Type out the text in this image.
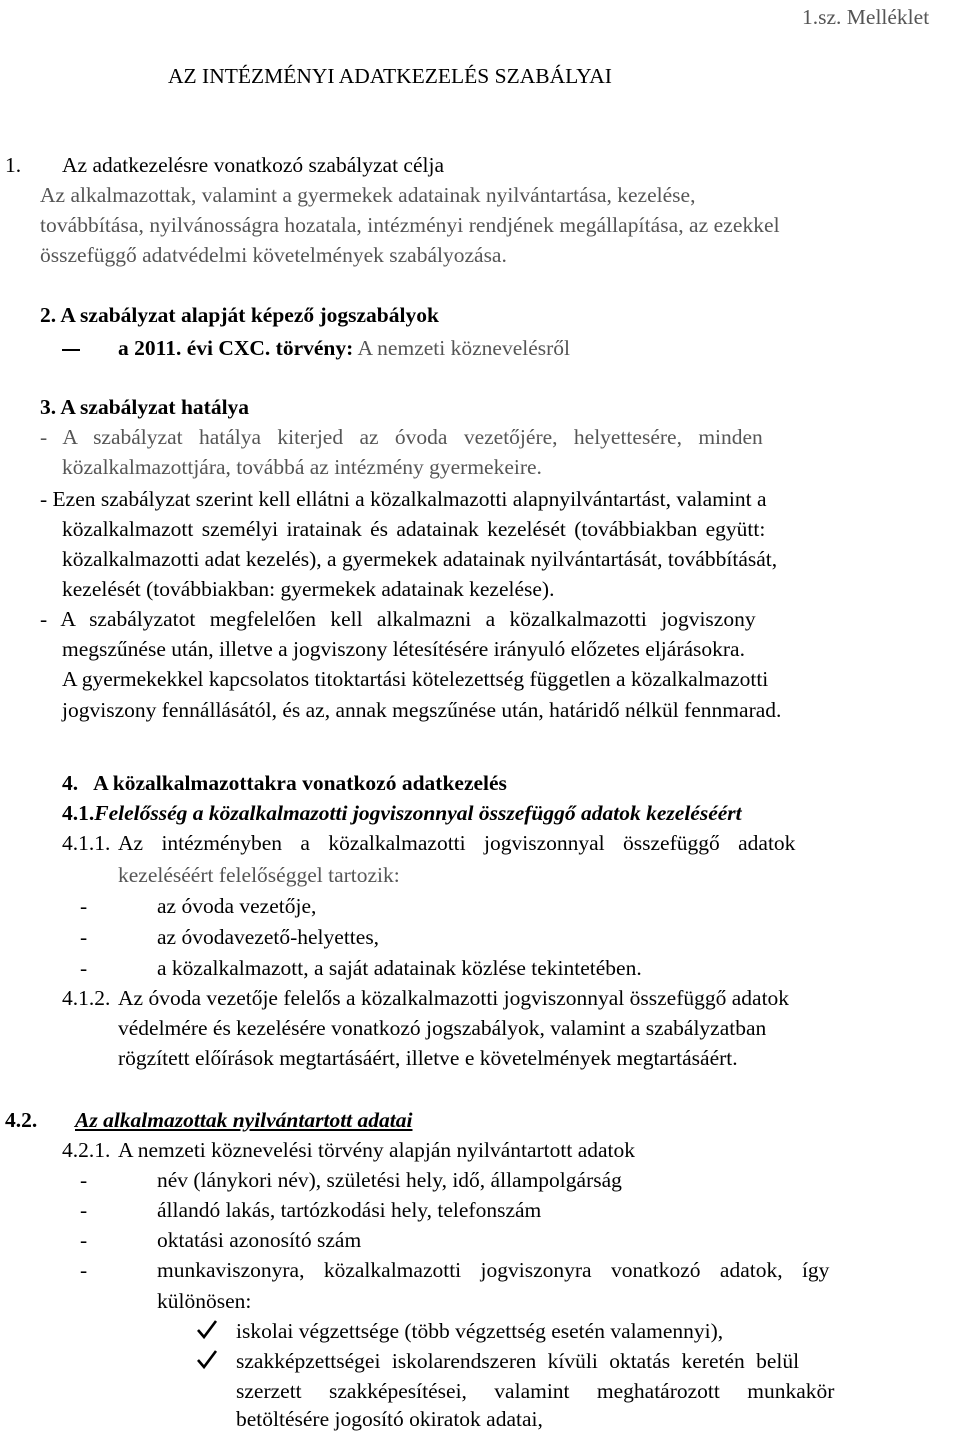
1.sz. Melléklet
AZ INTÉZMÉNYI ADATKEZELÉS SZABÁLYAI
1. Az adatkezelésre vonatkozó szabályzat célja
Az alkalmazottak, valamint a gyermekek adatainak nyilvántartása, kezelése,
továbbítása, nyilvánosságra hozatala, intézményi rendjének megállapítása, az ezekkel
összefüggő adatvédelmi követelmények szabályozása.
2. A szabályzat alapját képező jogszabályok
a 2011. évi CXC. törvény: A nemzeti köznevelésről
3. A szabályzat hatálya
- A szabályzat hatálya kiterjed az óvoda vezetőjére, helyettesére, minden
közalkalmazottjára, továbbá az intézmény gyermekeire.
- Ezen szabályzat szerint kell ellátni a közalkalmazotti alapnyilvántartást, valamint a
közalkalmazott személyi iratainak és adatainak kezelését (továbbiakban együtt:
közalkalmazotti adat kezelés), a gyermekek adatainak nyilvántartását, továbbítását,
kezelését (továbbiakban: gyermekek adatainak kezelése).
- A szabályzatot megfelelően kell alkalmazni a közalkalmazotti jogviszony
megszűnése után, illetve a jogviszony létesítésére irányuló előzetes eljárásokra.
A gyermekekkel kapcsolatos titoktartási kötelezettség független a közalkalmazotti
jogviszony fennállásától, és az, annak megszűnése után, határidő nélkül fennmarad.
4.   A közalkalmazottakra vonatkozó adatkezelés
4.1.Felelősség a közalkalmazotti jogviszonnyal összefüggő adatok kezeléséért
4.1.1. Az intézményben a közalkalmazotti jogviszonnyal összefüggő adatok
kezeléséért felelőséggel tartozik:
-	az óvoda vezetője,
-	az óvodavezető-helyettes,
-	a közalkalmazott, a saját adatainak közlése tekintetében.
4.1.2. Az óvoda vezetője felelős a közalkalmazotti jogviszonnyal összefüggő adatok
védelmére és kezelésére vonatkozó jogszabályok, valamint a szabályzatban
rögzített előírások megtartásáért, illetve e követelmények megtartásáért.
4.2. Az alkalmazottak nyilvántartott adatai
4.2.1. A nemzeti köznevelési törvény alapján nyilvántartott adatok
-	név (lánykori név), születési hely, idő, állampolgárság
-	állandó lakás, tartózkodási hely, telefonszám
-	oktatási azonosító szám
-	munkaviszonyra, közalkalmazotti jogviszonyra vonatkozó adatok, így
különösen:
iskolai végzettsége (több végzettség esetén valamennyi),
szakképzettségei iskolarendszeren kívüli oktatás keretén belül
szerzett szakképesítései, valamint meghatározott munkakör
betöltésére jogosító okiratok adatai,
